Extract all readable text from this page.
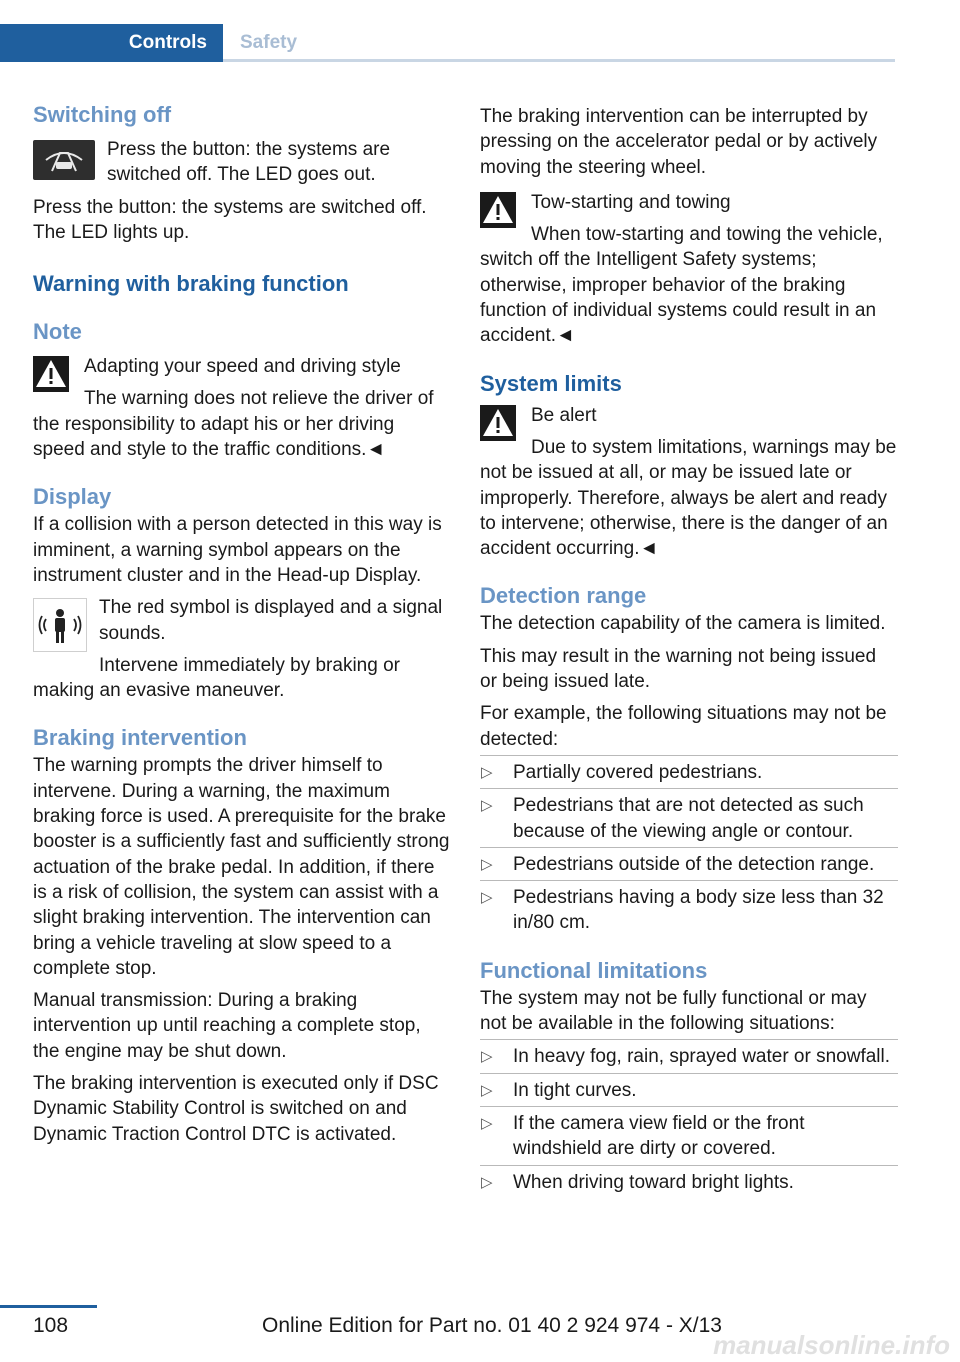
Controls	Safety
Switching off

Press the button: the systems are switched off. The LED goes out.

Press the button: the systems are switched off. The LED lights up.

Warning with braking function
Note

Adapting your speed and driving style

The warning does not relieve the driver of the responsibility to adapt his or her driving speed and style to the traffic conditions.◄

Display

If a collision with a person detected in this way is imminent, a warning symbol appears on the instrument cluster and in the Head-up Display.

The red symbol is displayed and a signal sounds.

Intervene immediately by braking or making an evasive maneuver.

Braking intervention

The warning prompts the driver himself to intervene. During a warning, the maximum braking force is used. A prerequisite for the brake booster is a sufficiently fast and sufficiently strong actuation of the brake pedal. In addition, if there is a risk of collision, the system can assist with a slight braking intervention. The intervention can bring a vehicle traveling at slow speed to a complete stop.

Manual transmission: During a braking intervention up until reaching a complete stop, the engine may be shut down.

The braking intervention is executed only if DSC Dynamic Stability Control is switched on and Dynamic Traction Control DTC is activated.

The braking intervention can be interrupted by pressing on the accelerator pedal or by actively moving the steering wheel.

Tow-starting and towing

When tow-starting and towing the vehicle, switch off the Intelligent Safety systems; otherwise, improper behavior of the braking function of individual systems could result in an accident.◄

System limits

Be alert

Due to system limitations, warnings may be not be issued at all, or may be issued late or improperly. Therefore, always be alert and ready to intervene; otherwise, there is the danger of an accident occurring.◄

Detection range

The detection capability of the camera is limited.

This may result in the warning not being issued or being issued late.

For example, the following situations may not be detected:

▷ Partially covered pedestrians.
▷ Pedestrians that are not detected as such because of the viewing angle or contour.
▷ Pedestrians outside of the detection range.
▷ Pedestrians having a body size less than 32 in/80 cm.
Functional limitations

The system may not be fully functional or may not be available in the following situations:

▷ In heavy fog, rain, sprayed water or snowfall.
▷ In tight curves.
▷ If the camera view field or the front windshield are dirty or covered.
▷ When driving toward bright lights.
108	Online Edition for Part no. 01 40 2 924 974 - X/13
manualsonline.info
